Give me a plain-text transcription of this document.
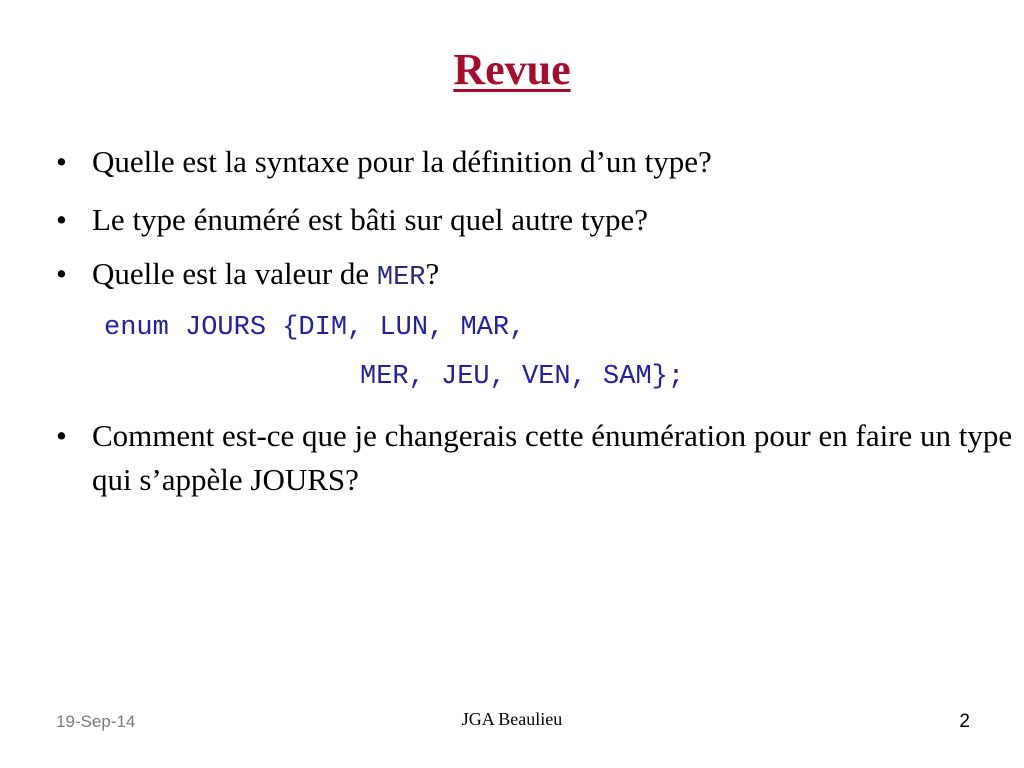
Revue
• Quelle est la syntaxe pour la définition d’un type?
• Le type énuméré est bâti sur quel autre type?
• Quelle est la valeur de MER?
enum JOURS {DIM, LUN, MAR,
MER, JEU, VEN, SAM};
• Comment est-ce que je changerais cette énumération pour en faire un type qui s’appèle JOURS?
19-Sep-14	JGA Beaulieu	2
